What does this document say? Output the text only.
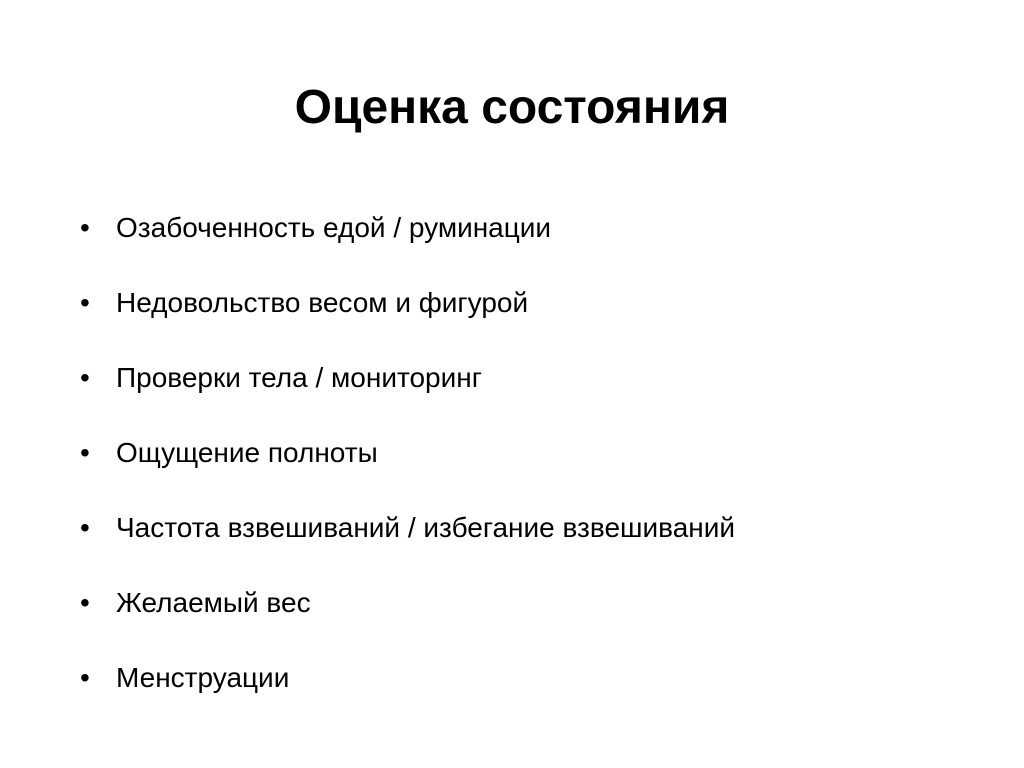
Оценка состояния
• Озабоченность едой / руминации
• Недовольство весом и фигурой
• Проверки тела / мониторинг
• Ощущение полноты
• Частота взвешиваний / избегание взвешиваний
• Желаемый вес
• Менструации
